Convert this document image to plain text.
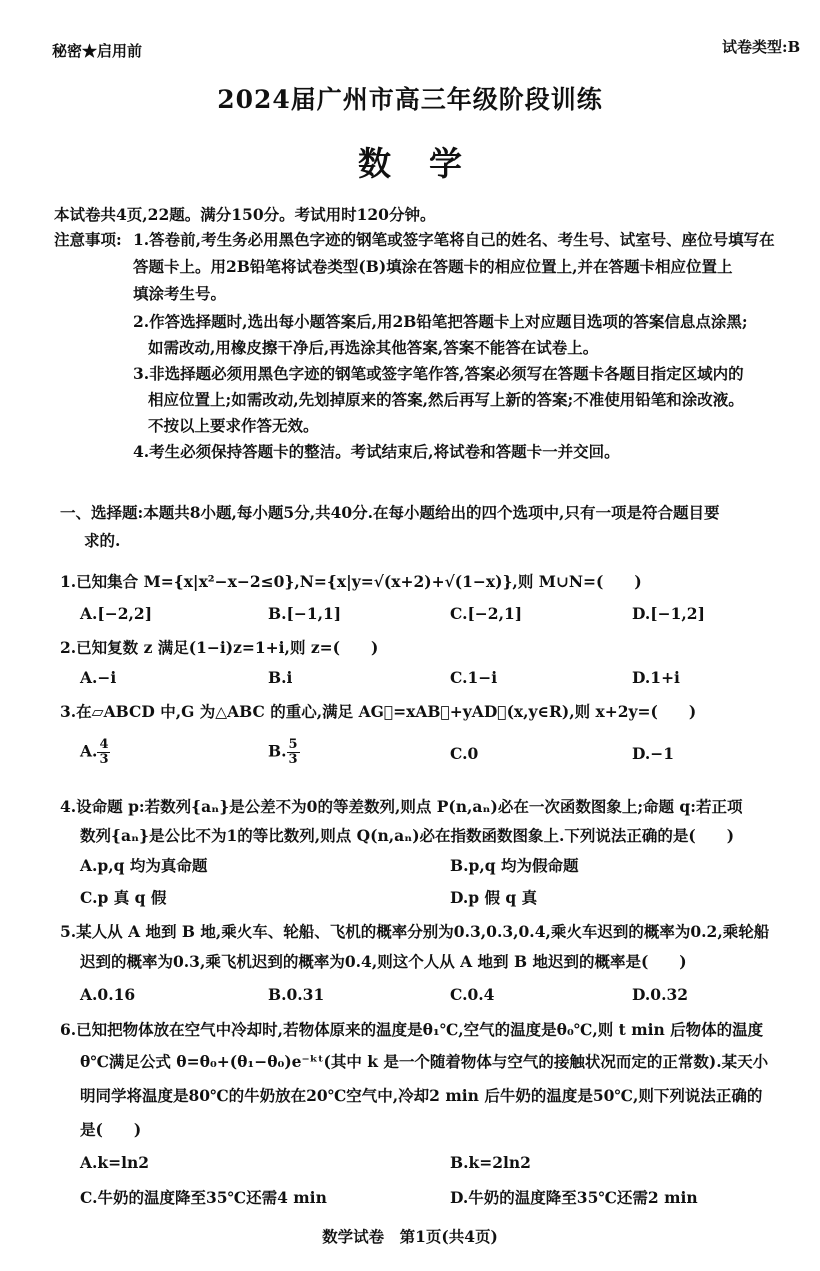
秘密★启用前	试卷类型:B
2024届广州市高三年级阶段训练
数学
本试卷共4页,22题。满分150分。考试用时120分钟。
注意事项: 1.答卷前,考生务必用黑色字迹的钢笔或签字笔将自己的姓名、考生号、试室号、座位号填写在
答题卡上。用2B铅笔将试卷类型(B)填涂在答题卡的相应位置上,并在答题卡相应位置上
填涂考生号。
2.作答选择题时,选出每小题答案后,用2B铅笔把答题卡上对应题目选项的答案信息点涂黑;
如需改动,用橡皮擦干净后,再选涂其他答案,答案不能答在试卷上。
3.非选择题必须用黑色字迹的钢笔或签字笔作答,答案必须写在答题卡各题目指定区域内的
相应位置上;如需改动,先划掉原来的答案,然后再写上新的答案;不准使用铅笔和涂改液。
不按以上要求作答无效。
4.考生必须保持答题卡的整洁。考试结束后,将试卷和答题卡一并交回。
一、选择题:本题共8小题,每小题5分,共40分.在每小题给出的四个选项中,只有一项是符合题目要
求的.
1.已知集合 M={x|x²−x−2≤0},N={x|y=√(x+2)+√(1−x)},则 M∪N=(　　)
A.[−2,2]	B.[−1,1]	C.[−2,1]	D.[−1,2]
2.已知复数 z 满足(1−i)z=1+i,则 z=(　　)
A.−i	B.i	C.1−i	D.1+i
3.在▱ABCD 中,G 为△ABC 的重心,满足 AG⃗=xAB⃗+yAD⃗(x,y∈R),则 x+2y=(　　)
A. $\frac{4}{3}$	B. $\frac{5}{3}$	C.0	D.−1
4.设命题 p:若数列{aₙ}是公差不为0的等差数列,则点 P(n,aₙ)必在一次函数图象上;命题 q:若正项
数列{aₙ}是公比不为1的等比数列,则点 Q(n,aₙ)必在指数函数图象上.下列说法正确的是(　　)
A.p,q 均为真命题	B.p,q 均为假命题
C.p 真 q 假	D.p 假 q 真
5.某人从 A 地到 B 地,乘火车、轮船、飞机的概率分别为0.3,0.3,0.4,乘火车迟到的概率为0.2,乘轮船
迟到的概率为0.3,乘飞机迟到的概率为0.4,则这个人从 A 地到 B 地迟到的概率是(　　)
A.0.16	B.0.31	C.0.4	D.0.32
6.已知把物体放在空气中冷却时,若物体原来的温度是θ₁℃,空气的温度是θ₀℃,则 t min 后物体的温度
θ℃满足公式 θ=θ₀+(θ₁−θ₀)e⁻ᵏᵗ(其中 k 是一个随着物体与空气的接触状况而定的正常数).某天小
明同学将温度是80℃的牛奶放在20℃空气中,冷却2 min 后牛奶的温度是50℃,则下列说法正确的
是(　　)
A.k=ln2	B.k=2ln2
C.牛奶的温度降至35℃还需4 min	D.牛奶的温度降至35℃还需2 min
数学试卷　第1页(共4页)
